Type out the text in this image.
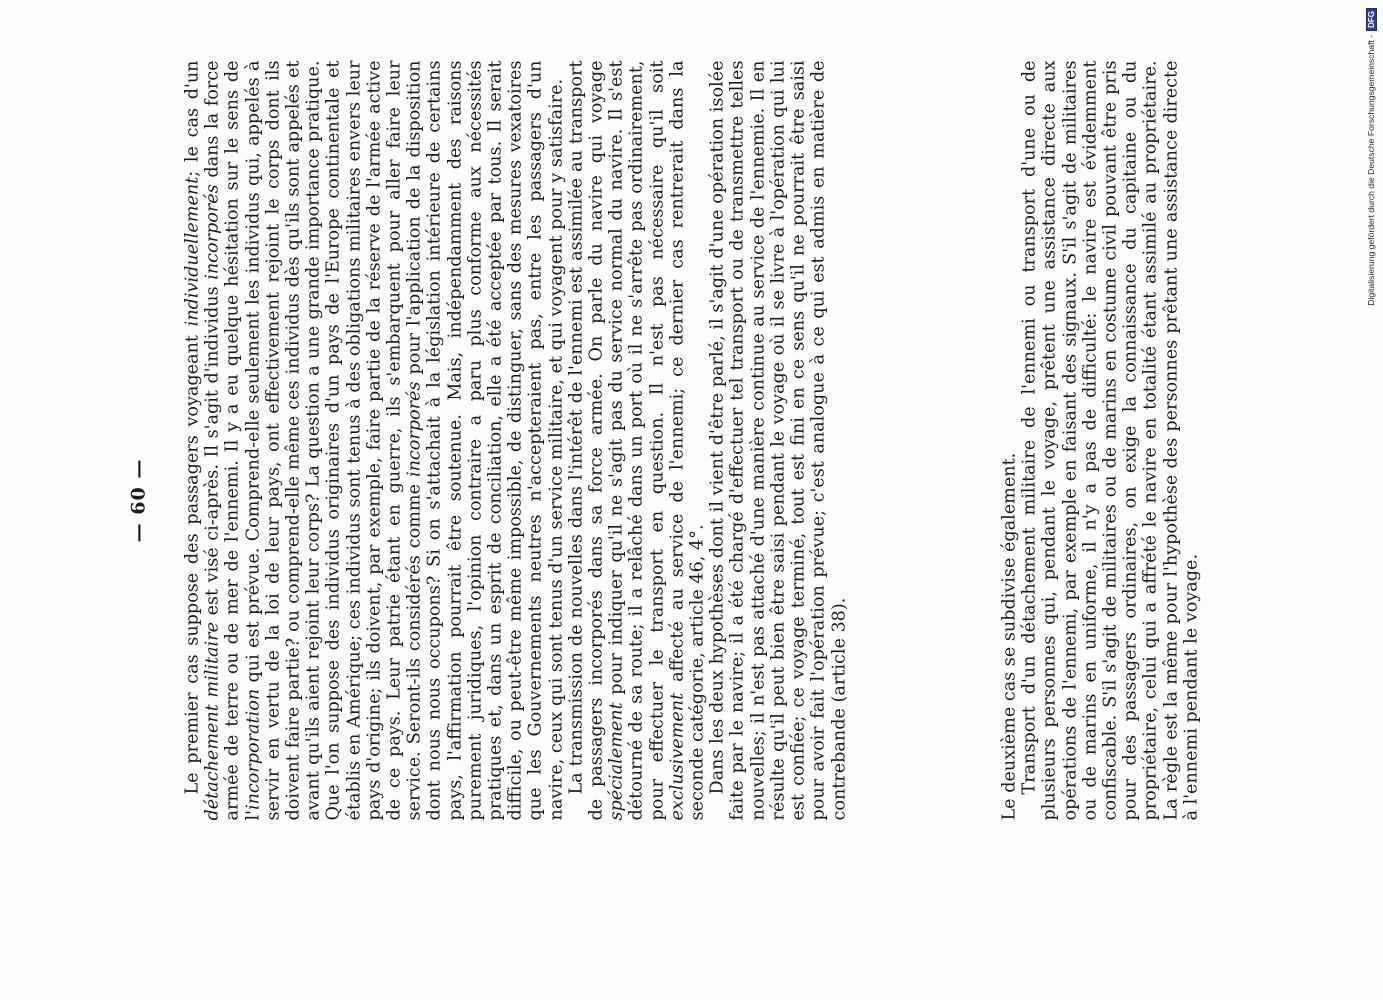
— 60 — Le premier cas suppose des passagers voyageant individuellement; le cas d'un détachement militaire est visé ci-après. Il s'agit d'individus incorporés dans la force armée de terre ou de mer de l'ennemi. Il y a eu quelque hésitation sur le sens de l'incorporation qui est prévue. Comprend-elle seulement les individus qui, appelés à servir en vertu de la loi de leur pays, ont effectivement rejoint le corps dont ils doivent faire partie? ou comprend-elle même ces individus dès qu'ils sont appelés et avant qu'ils aient rejoint leur corps? La question a une grande importance pratique. Que l'on suppose des individus originaires d'un pays de l'Europe continentale et établis en Amérique; ces individus sont tenus à des obligations militaires envers leur pays d'origine; ils doivent, par exemple, faire partie de la réserve de l'armée active de ce pays. Leur patrie étant en guerre, ils s'embarquent pour aller faire leur service. Seront-ils considérés comme incorporés pour l'application de la disposition dont nous nous occupons? Si on s'attachait à la législation intérieure de certains pays, l'affirmation pourrait être soutenue. Mais, indépendamment des raisons purement juridiques, l'opinion contraire a paru plus conforme aux nécessités pratiques et, dans un esprit de conciliation, elle a été acceptée par tous. Il serait difficile, ou peut-être même impossible, de distinguer, sans des mesures vexatoires que les Gouvernements neutres n'accepteraient pas, entre les passagers d'un navire, ceux qui sont tenus d'un service militaire, et qui voyagent pour y satisfaire. La transmission de nouvelles dans l'intérêt de l'ennemi est assimilée au transport de passagers incorporés dans sa force armée. On parle du navire qui voyage spécialement pour indiquer qu'il ne s'agit pas du service normal du navire. Il s'est détourné de sa route; il a relâché dans un port où il ne s'arrête pas ordinairement, pour effectuer le transport en question. Il n'est pas nécessaire qu'il soit exclusivement affecté au service de l'ennemi; ce dernier cas rentrerait dans la seconde catégorie, article 46, 4°. Dans les deux hypothèses dont il vient d'être parlé, il s'agit d'une opération isolée faite par le navire; il a été chargé d'effectuer tel transport ou de transmettre telles nouvelles; il n'est pas attaché d'une manière continue au service de l'ennemie. Il en résulte qu'il peut bien être saisi pendant le voyage où il se livre à l'opération qui lui est confiée; ce voyage terminé, tout est fini en ce sens qu'il ne pourrait être saisi pour avoir fait l'opération prévue; c'est analogue à ce qui est admis en matière de contrebande (article 38).	Le deuxième cas se subdivise également. Transport d'un détachement militaire de l'ennemi ou transport d'une ou de plusieurs personnes qui, pendant le voyage, prêtent une assistance directe aux opérations de l'ennemi, par exemple en faisant des signaux. S'il s'agit de militaires ou de marins en uniforme, il n'y a pas de difficulté: le navire est évidemment confiscable. S'il s'agit de militaires ou de marins en costume civil pouvant être pris pour des passagers ordinaires, on exige la connaissance du capitaine ou du propriétaire, celui qui a affrété le navire en totalité étant assimilé au propriétaire. La règle est la même pour l'hypothèse des personnes prêtant une assistance directe à l'ennemi pendant le voyage.

Digitalisierung gefördert durch die Deutsche Forschungsgemeinschaft -
DFG
